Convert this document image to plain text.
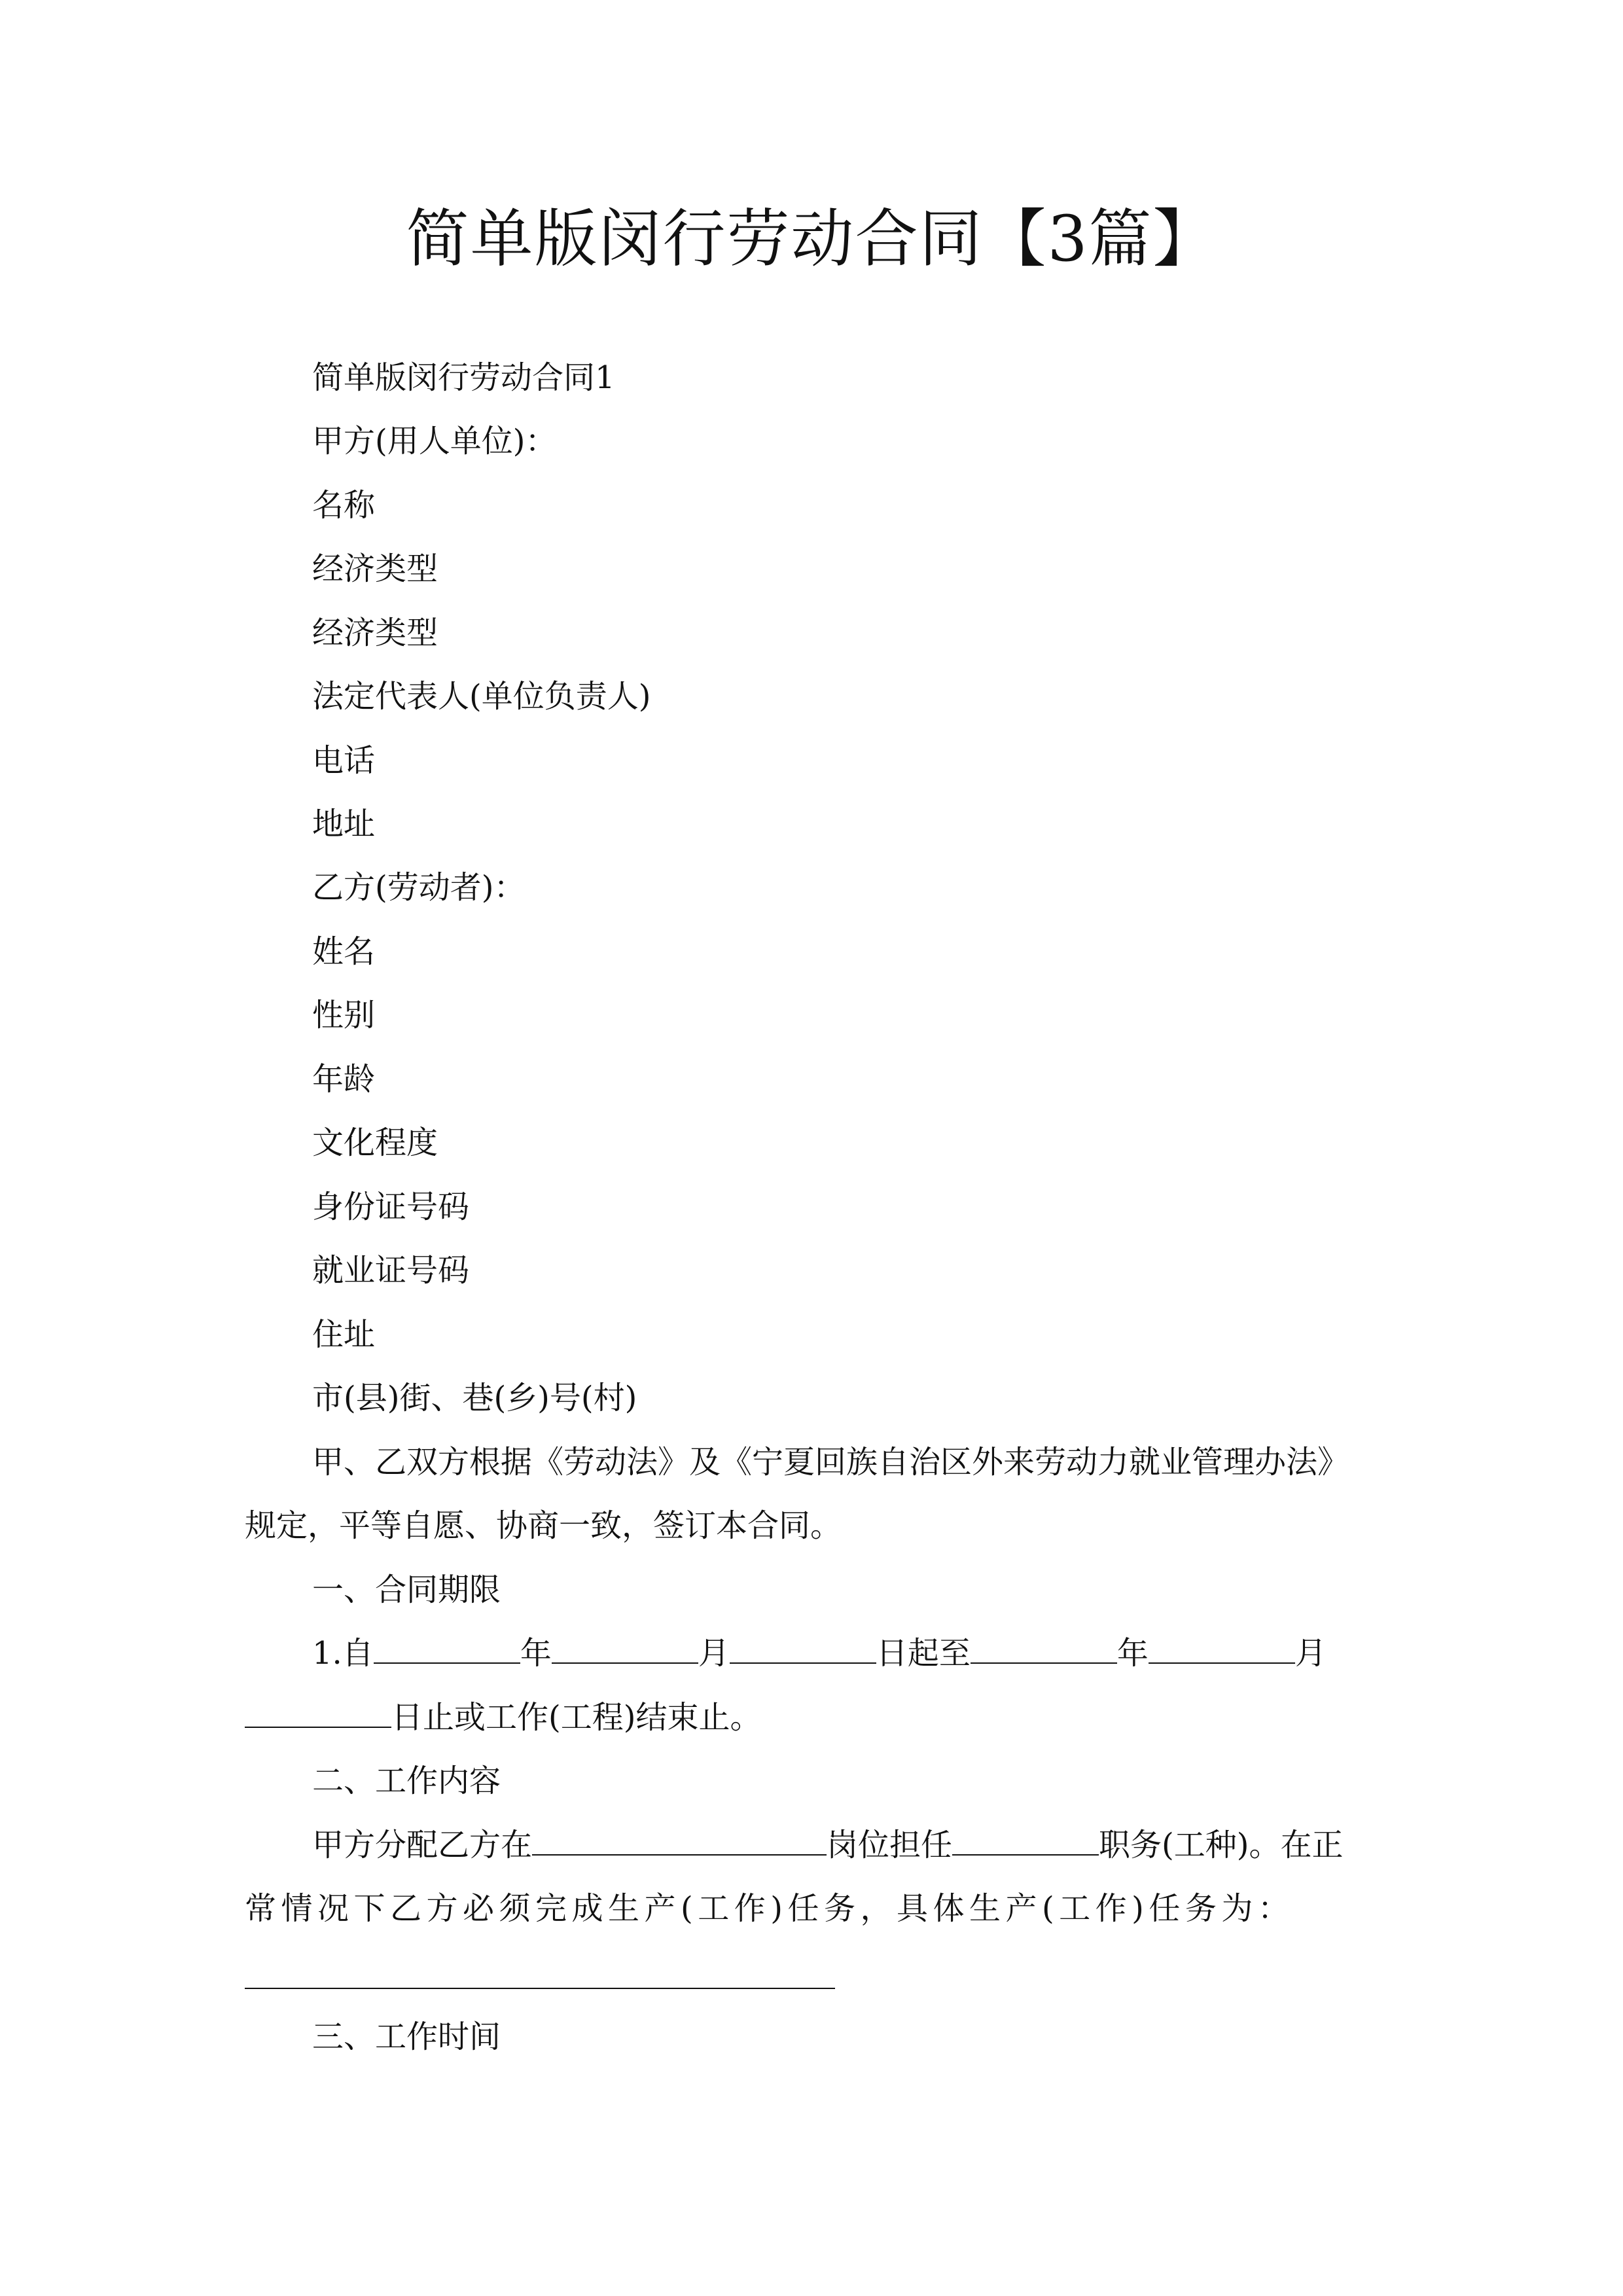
简单版闵行劳动合同【3篇】
简单版闵行劳动合同1
甲方(用人单位)：
名称
经济类型
经济类型
法定代表人(单位负责人)
电话
地址
乙方(劳动者)：
姓名
性别
年龄
文化程度
身份证号码
就业证号码
住址
市(县)街、巷(乡)号(村)
甲、乙双方根据《劳动法》及《宁夏回族自治区外来劳动力就业管理办法》
规定，平等自愿、协商一致，签订本合同。
一、合同期限
1.自	年	月	日起至	年	月
日止或工作(工程)结束止。
二、工作内容
甲方分配乙方在	岗位担任	职务(工种)。在正
常情况下乙方必须完成生产(工作)任务，具体生产(工作)任务为：
三、工作时间
